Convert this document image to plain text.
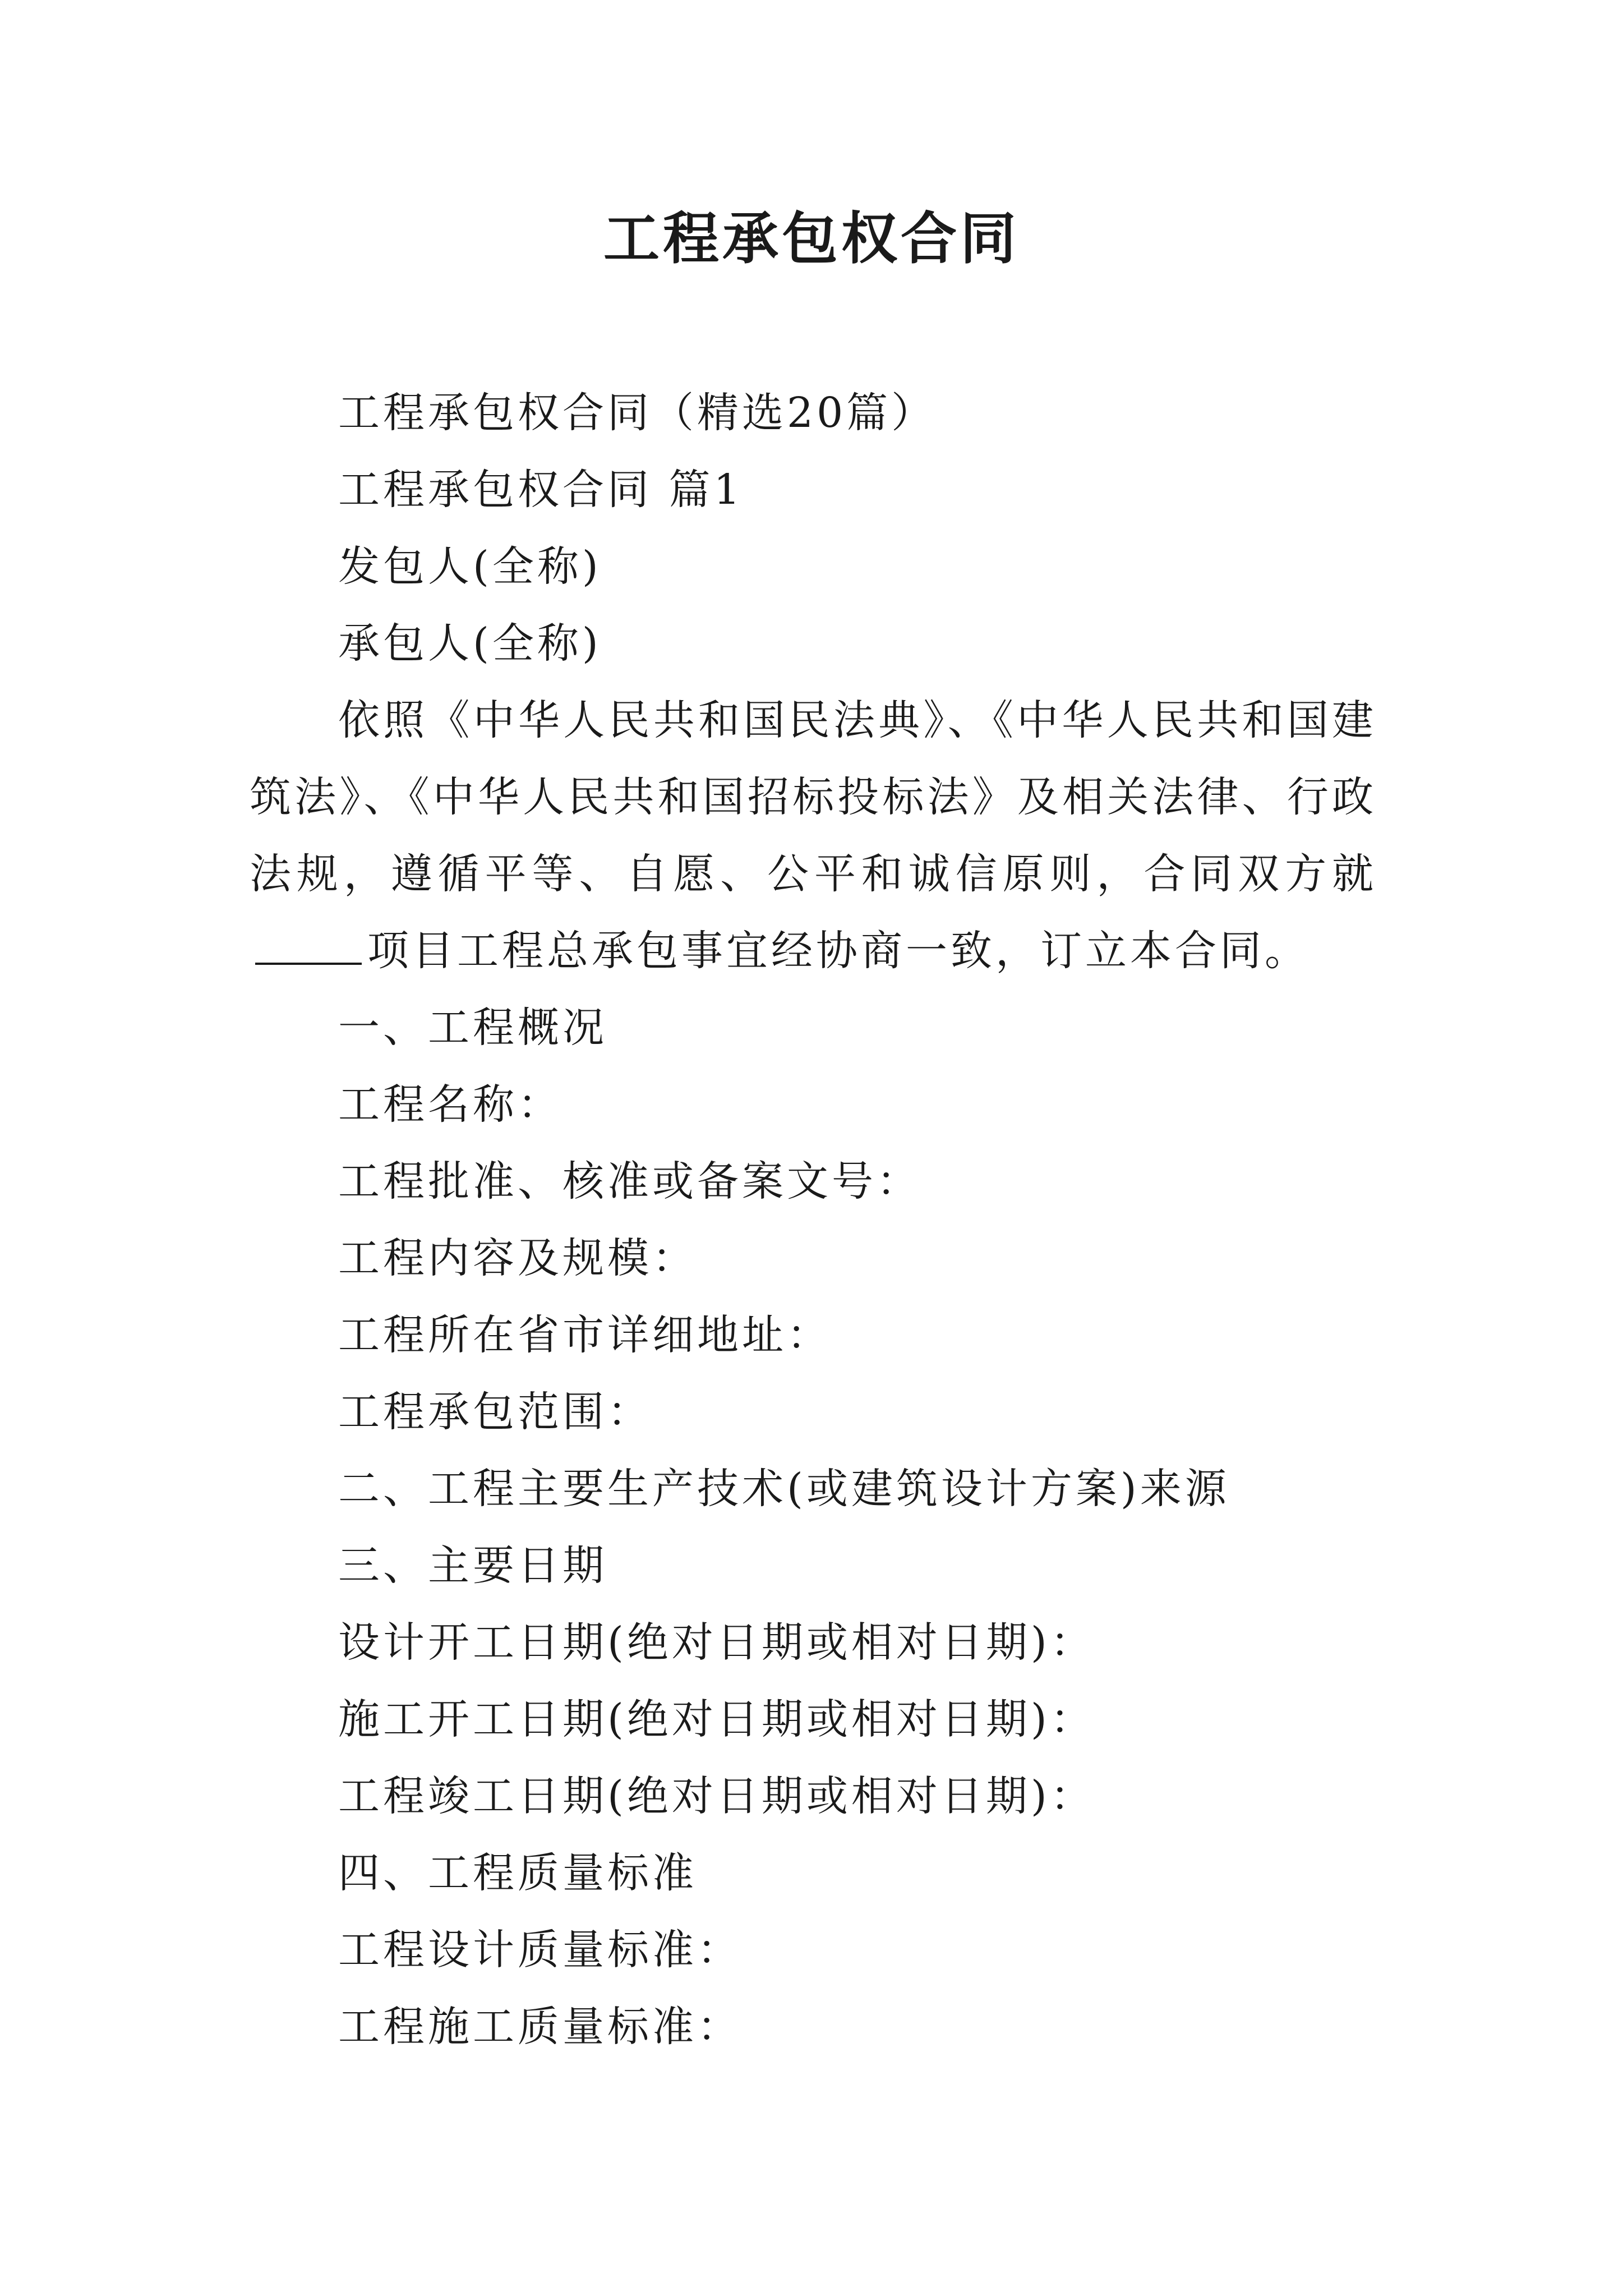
工程承包权合同

工程承包权合同（精选20篇）

工程承包权合同 篇1

发包人(全称)

承包人(全称)

依照《中华人民共和国民法典》、《中华人民共和国建筑法》、《中华人民共和国招标投标法》及相关法律、行政法规，遵循平等、自愿、公平和诚信原则，合同双方就项目工程总承包事宜经协商一致，订立本合同。

一、工程概况

工程名称：

工程批准、核准或备案文号：

工程内容及规模：

工程所在省市详细地址：

工程承包范围：

二、工程主要生产技术(或建筑设计方案)来源

三、主要日期

设计开工日期(绝对日期或相对日期)：

施工开工日期(绝对日期或相对日期)：

工程竣工日期(绝对日期或相对日期)：

四、工程质量标准

工程设计质量标准：

工程施工质量标准：
